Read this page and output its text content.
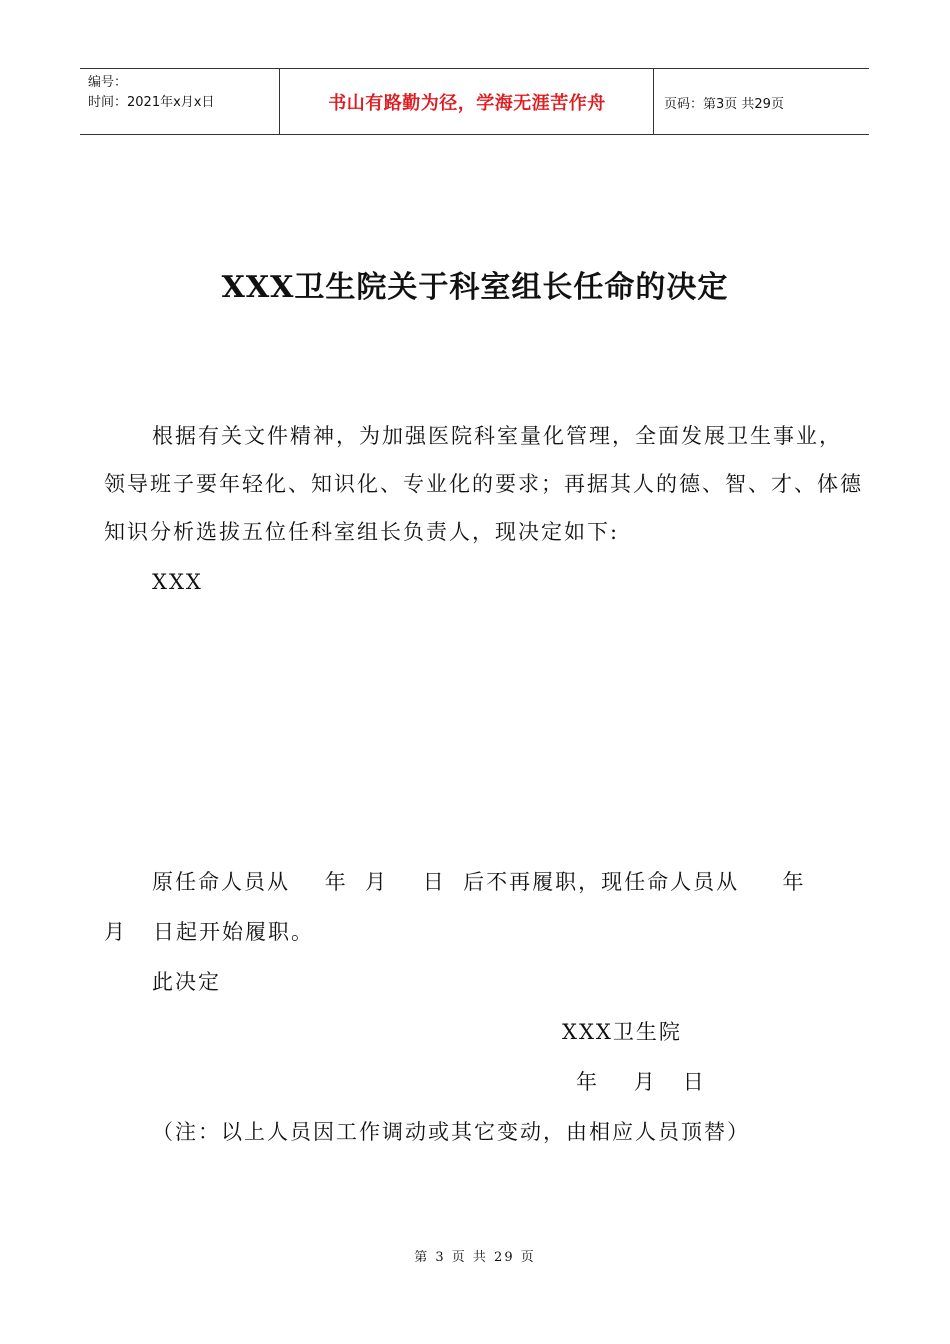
编号：
时间：2021年x月x日	书山有路勤为径，学海无涯苦作舟	页码：第3页 共29页
XXX卫生院关于科室组长任命的决定

根据有关文件精神，为加强医院科室量化管理，全面发展卫生事业，领导班子要年轻化、知识化、专业化的要求；再据其人的德、智、才、体德知识分析选拔五位任科室组长负责人，现决定如下:

XXX
原任命人员从    年  月    日  后不再履职，现任命人员从     年
月   日起开始履职。
此决定
XXX卫生院
年    月   日
（注：以上人员因工作调动或其它变动，由相应人员顶替）
第 3 页 共 29 页
